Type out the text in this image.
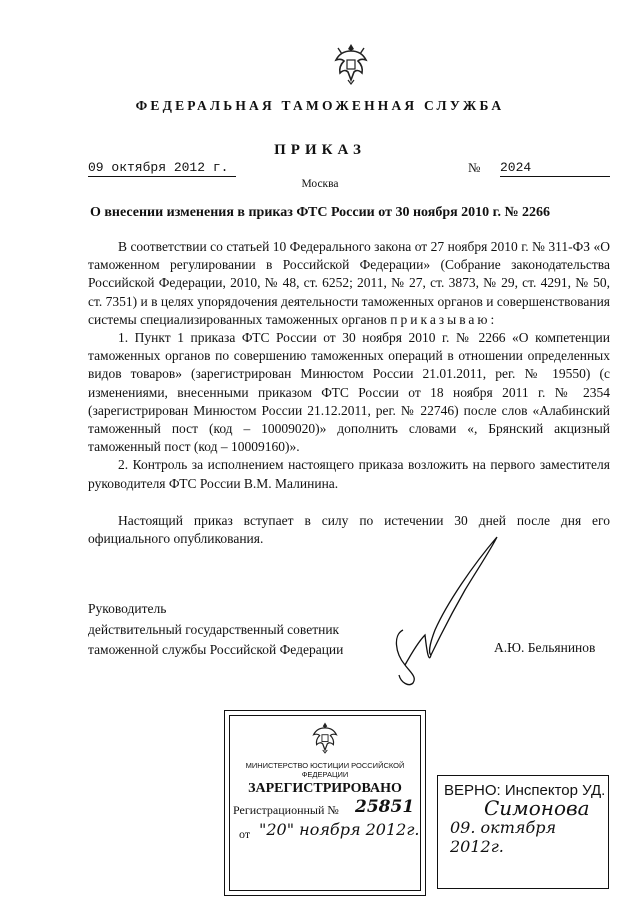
ФЕДЕРАЛЬНАЯ ТАМОЖЕННАЯ СЛУЖБА
ПРИКАЗ
09 октября 2012 г.	№ 2024
Москва
О внесении изменения в приказ ФТС России от 30 ноября 2010 г. № 2266

В соответствии со статьей 10 Федерального закона от 27 ноября 2010 г. № 311-ФЗ «О таможенном регулировании в Российской Федерации» (Собрание законодательства Российской Федерации, 2010, № 48, ст. 6252; 2011, № 27, ст. 3873, № 29, ст. 4291, № 50, ст. 7351) и в целях упорядочения деятельности таможенных органов и совершенствования системы специализированных таможенных органов приказываю:

1. Пункт 1 приказа ФТС России от 30 ноября 2010 г. № 2266 «О компетенции таможенных органов по совершению таможенных операций в отношении определенных видов товаров» (зарегистрирован Минюстом России 21.01.2011, рег. № 19550) (с изменениями, внесенными приказом ФТС России от 18 ноября 2011 г. № 2354 (зарегистрирован Минюстом России 21.12.2011, рег. № 22746) после слов «Алабинский таможенный пост (код – 10009020)» дополнить словами «, Брянский акцизный таможенный пост (код – 10009160)».

2. Контроль за исполнением настоящего приказа возложить на первого заместителя руководителя ФТС России В.М. Малинина.

Настоящий приказ вступает в силу по истечении 30 дней после дня его официального опубликования.

Руководитель
действительный государственный советник
таможенной службы Российской Федерации	А.Ю. Бельянинов
МИНИСТЕРСТВО ЮСТИЦИИ РОССИЙСКОЙ ФЕДЕРАЦИИ
ЗАРЕГИСТРИРОВАНО
Регистрационный № 25851
от "20" ноября 2012г.
ВЕРНО: Инспектор УД.
Симонова
09. октября 2012г.
